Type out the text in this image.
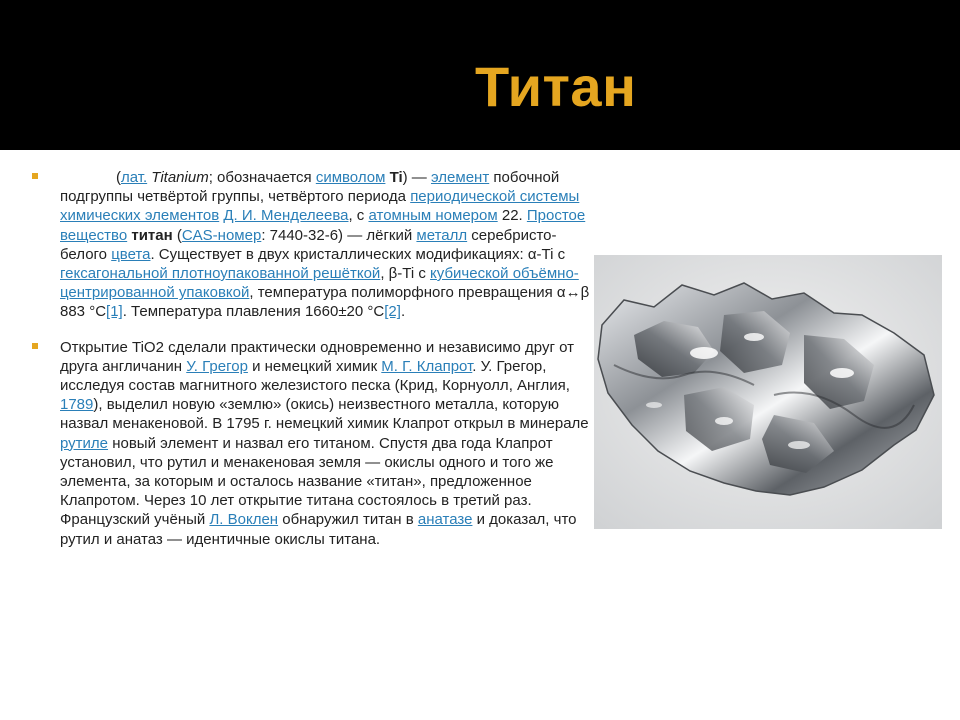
Титан
(лат. Titanium; обозначается символом Ti) — элемент побочной подгруппы четвёртой группы, четвёртого периода периодической системы химических элементов Д. И. Менделеева, с атомным номером 22. Простое вещество титан (CAS-номер: 7440-32-6) — лёгкий металл серебристо-белого цвета. Существует в двух кристаллических модификациях: α-Ti с гексагональной плотноупакованной решёткой, β-Ti с кубической объёмно-центрированной упаковкой, температура полиморфного превращения α↔β 883 °C[1]. Температура плавления 1660±20 °C[2].
Открытие TiO2 сделали практически одновременно и независимо друг от друга англичанин У. Грегор и немецкий химик М. Г. Клапрот. У. Грегор, исследуя состав магнитного железистого песка (Крид, Корнуолл, Англия, 1789), выделил новую «землю» (окись) неизвестного металла, которую назвал менакеновой. В 1795 г. немецкий химик Клапрот открыл в минерале рутиле новый элемент и назвал его титаном. Спустя два года Клапрот установил, что рутил и менакеновая земля — окислы одного и того же элемента, за которым и осталось название «титан», предложенное Клапротом. Через 10 лет открытие титана состоялось в третий раз. Французский учёный Л. Воклен обнаружил титан в анатазе и доказал, что рутил и анатаз — идентичные окислы титана.
